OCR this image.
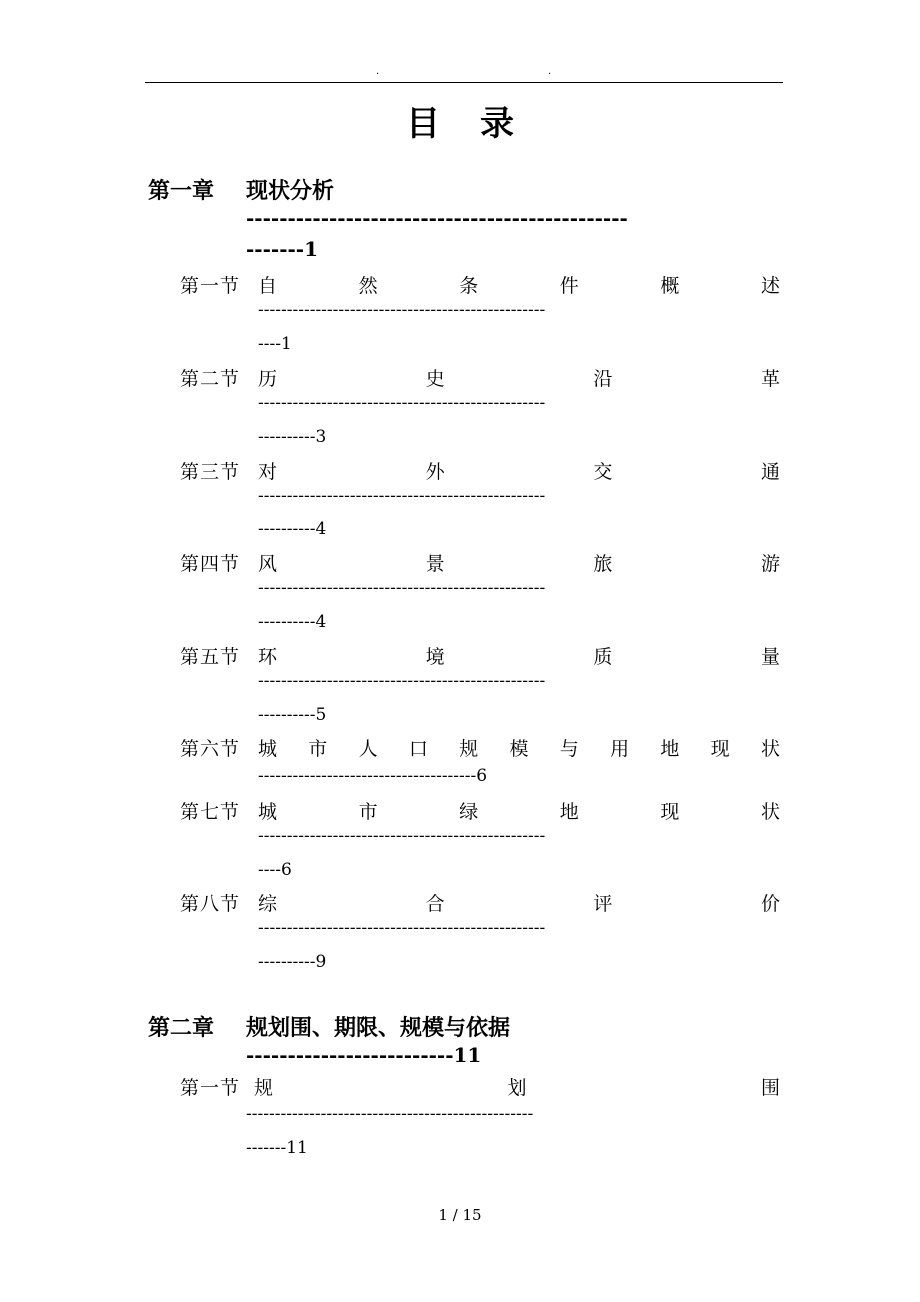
.	.
目录
第一章 现状分析
----------------------------------------------
-------1
第一节 自	然	条	件	概	述
--------------------------------------------------
----1
第二节 历	史	沿	革
--------------------------------------------------
----------3
第三节 对	外	交	通
--------------------------------------------------
----------4
第四节 风	景	旅	游
--------------------------------------------------
----------4
第五节 环	境	质	量
--------------------------------------------------
----------5
第六节 城 市 人 口 规 模 与 用 地 现 状
--------------------------------------6
第七节 城	市	绿	地	现	状
--------------------------------------------------
----6
第八节 综	合	评	价
--------------------------------------------------
----------9
第二章 规划围、期限、规模与依据
-------------------------11
第一节 规	划	围
--------------------------------------------------
-------11
1 / 15
